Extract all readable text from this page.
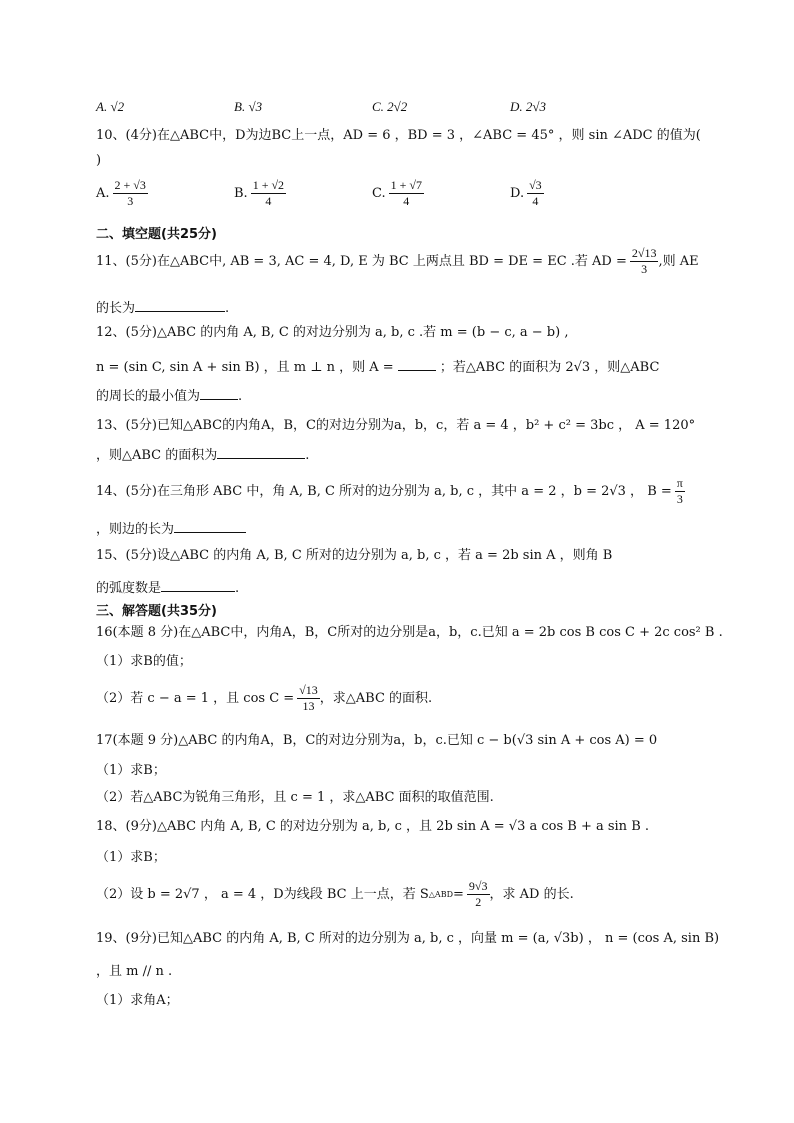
A. √2	B. √3	C. 2√2	D. 2√3
10、(4分)在△ABC中，D为边BC上一点，AD = 6 ，BD = 3 ，∠ABC = 45° ，则 sin ∠ADC 的值为(
)
A. $\frac{2 + √3}{3}$	B. $\frac{1 + √2}{4}$	C. $\frac{1 + √7}{4}$	D. $\frac{√3}{4}$
二、填空题(共25分)
11、(5分)在△ABC中, AB = 3, AC = 4, D, E 为 BC 上两点且 BD = DE = EC .若 AD = $\frac{2√13}{3}$ ,则 AE
的长为	.
12、(5分)△ABC 的内角 A, B, C 的对边分别为 a, b, c .若 m = (b − c, a − b) ,
n = (sin C, sin A + sin B) ，且 m ⊥ n ，则 A =	；若△ABC 的面积为 2√3 ，则△ABC
的周长的最小值为	.
13、(5分)已知△ABC的内角A，B，C的对边分别为a，b，c，若 a = 4 ，b² + c² = 3bc ， A = 120°
，则△ABC 的面积为	.
14、(5分)在三角形 ABC 中，角 A, B, C 所对的边分别为 a, b, c ，其中 a = 2 ，b = 2√3 ， $B = \frac{\pi}{3}$
，则边的长为
15、(5分)设△ABC 的内角 A, B, C 所对的边分别为 a, b, c ，若 a = 2b sin A ，则角 B
的弧度数是	.
三、解答题(共35分)
16(本题 8 分)在△ABC中，内角A，B，C所对的边分别是a，b，c.已知 a = 2b cos B cos C + 2c cos² B .
（1）求B的值；
（2）若 c − a = 1 ，且 $\cos C = \frac{√13}{13}$ ，求△ABC 的面积.
17(本题 9 分)△ABC 的内角A，B，C的对边分别为a，b，c.已知 c − b(√3 sin A + cos A) = 0
（1）求B；
（2）若△ABC为锐角三角形，且 c = 1 ，求△ABC 面积的取值范围.
18、(9分)△ABC 内角 A, B, C 的对边分别为 a, b, c ，且 2b sin A = √3 a cos B + a sin B .
（1）求B；
（2）设 b = 2√7 ， a = 4 ，D为线段 BC 上一点，若 S △ABD = $\frac{9√3}{2}$ ，求 AD 的长.
19、(9分)已知△ABC 的内角 A, B, C 所对的边分别为 a, b, c ，向量 m = (a, √3b) ， n = (cos A, sin B)
，且 m // n .
（1）求角A；
